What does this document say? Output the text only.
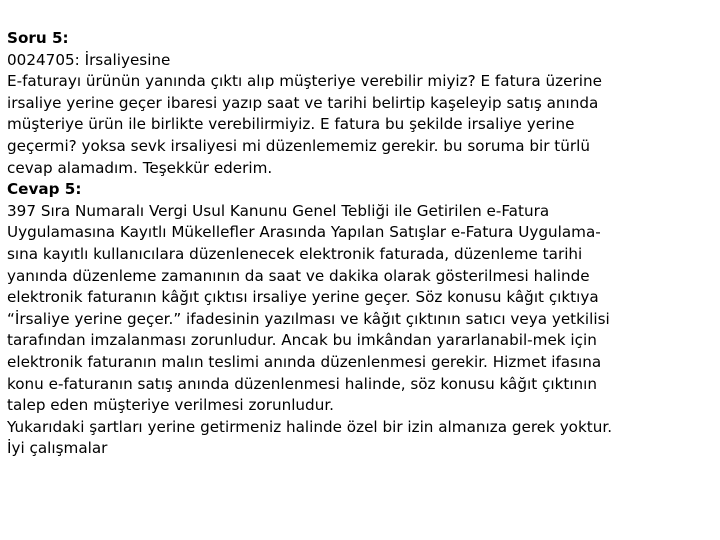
Soru 5:
0024705: İrsaliyesine
E-faturayı ürünün yanında çıktı alıp müşteriye verebilir miyiz? E fatura üzerine
irsaliye yerine geçer ibaresi yazıp saat ve tarihi belirtip kaşeleyip satış anında
müşteriye ürün ile birlikte verebilirmiyiz. E fatura bu şekilde irsaliye yerine
geçermi? yoksa sevk irsaliyesi mi düzenlememiz gerekir. bu soruma bir türlü
cevap alamadım. Teşekkür ederim.
Cevap 5:
397 Sıra Numaralı Vergi Usul Kanunu Genel Tebliği ile Getirilen e-Fatura
Uygulamasına Kayıtlı Mükellefler Arasında Yapılan Satışlar e-Fatura Uygulama-
sına kayıtlı kullanıcılara düzenlenecek elektronik faturada, düzenleme tarihi
yanında düzenleme zamanının da saat ve dakika olarak gösterilmesi halinde
elektronik faturanın kâğıt çıktısı irsaliye yerine geçer. Söz konusu kâğıt çıktıya
“İrsaliye yerine geçer.” ifadesinin yazılması ve kâğıt çıktının satıcı veya yetkilisi
tarafından imzalanması zorunludur. Ancak bu imkândan yararlanabil-mek için
elektronik faturanın malın teslimi anında düzenlenmesi gerekir. Hizmet ifasına
konu e-faturanın satış anında düzenlenmesi halinde, söz konusu kâğıt çıktının
talep eden müşteriye verilmesi zorunludur.
Yukarıdaki şartları yerine getirmeniz halinde özel bir izin almanıza gerek yoktur.
İyi çalışmalar
